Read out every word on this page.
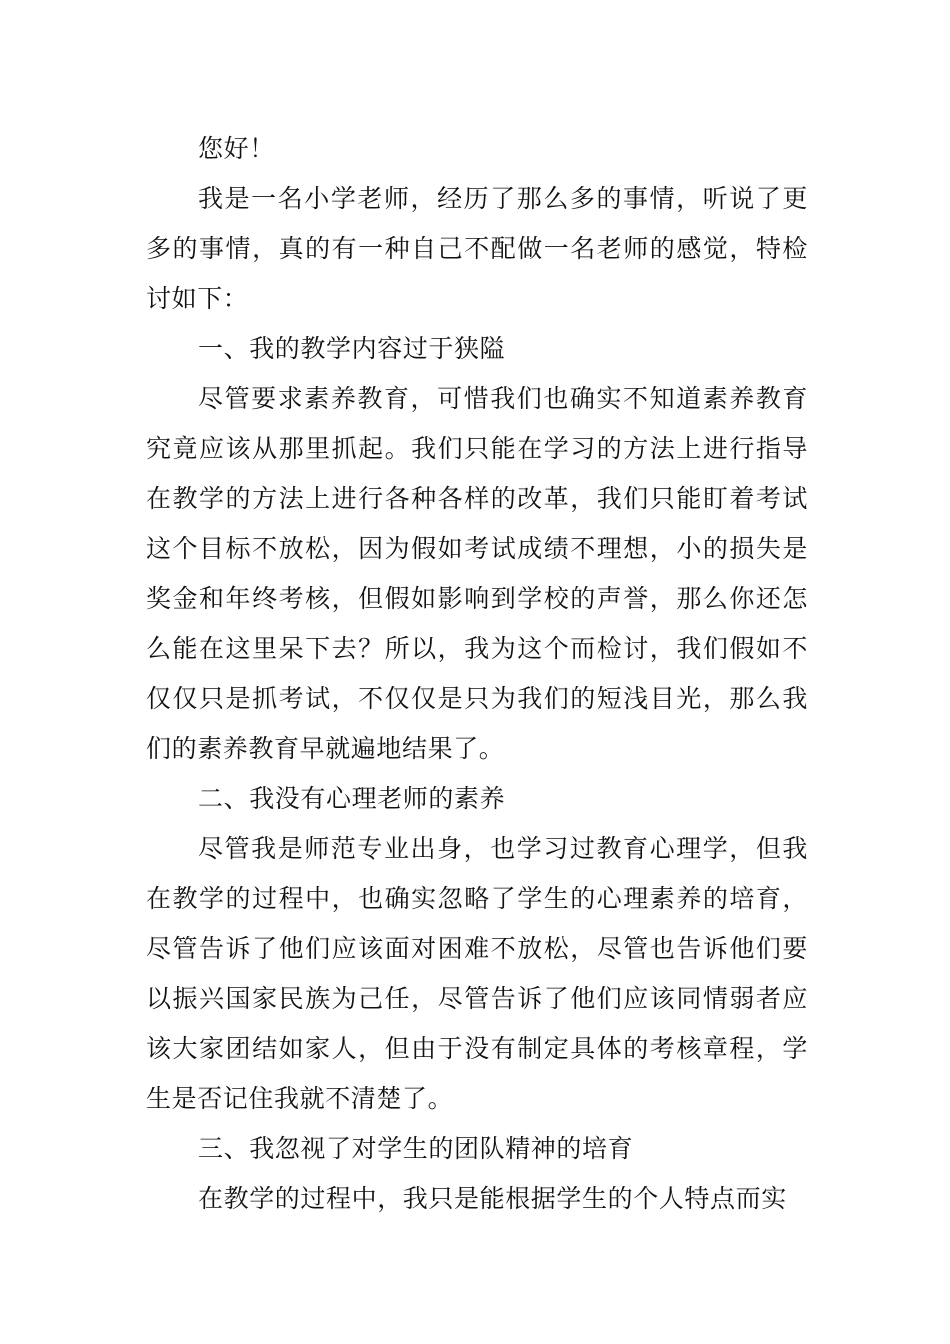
您好！

我是一名小学老师，经历了那么多的事情，听说了更多的事情，真的有一种自己不配做一名老师的感觉，特检讨如下：

一、我的教学内容过于狭隘

尽管要求素养教育，可惜我们也确实不知道素养教育究竟应该从那里抓起。我们只能在学习的方法上进行指导在教学的方法上进行各种各样的改革，我们只能盯着考试这个目标不放松，因为假如考试成绩不理想，小的损失是奖金和年终考核，但假如影响到学校的声誉，那么你还怎么能在这里呆下去？所以，我为这个而检讨，我们假如不仅仅只是抓考试，不仅仅是只为我们的短浅目光，那么我们的素养教育早就遍地结果了。

二、我没有心理老师的素养

尽管我是师范专业出身，也学习过教育心理学，但我在教学的过程中，也确实忽略了学生的心理素养的培育，尽管告诉了他们应该面对困难不放松，尽管也告诉他们要以振兴国家民族为己任，尽管告诉了他们应该同情弱者应该大家团结如家人，但由于没有制定具体的考核章程，学生是否记住我就不清楚了。

三、我忽视了对学生的团队精神的培育

在教学的过程中，我只是能根据学生的个人特点而实
